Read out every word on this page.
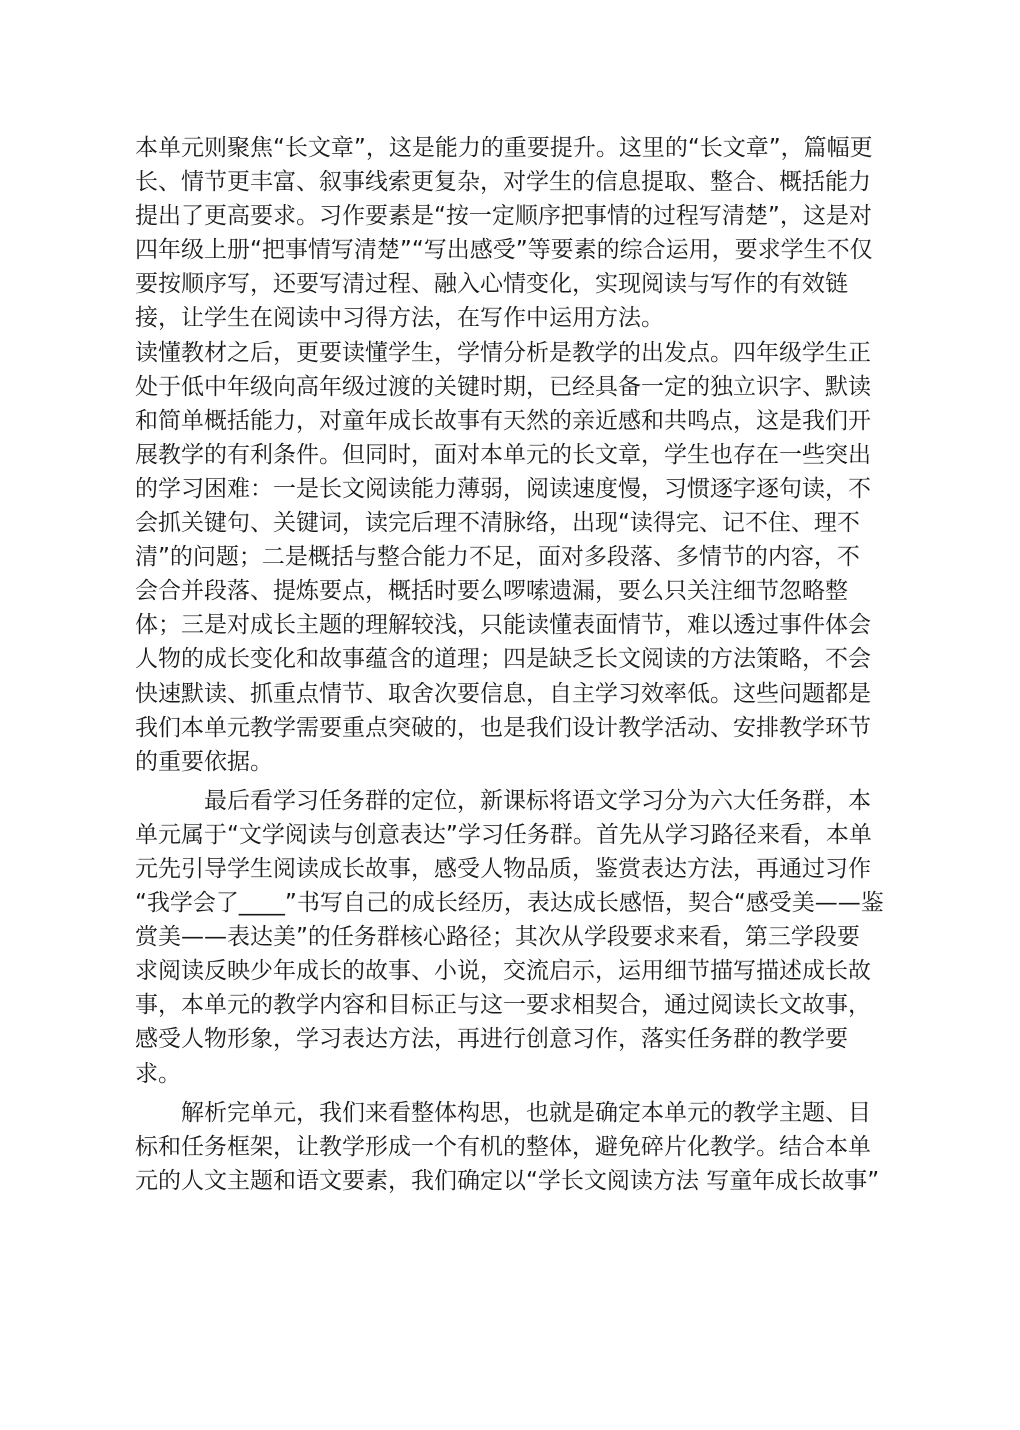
本单元则聚焦“长文章”，这是能力的重要提升。这里的“长文章”，篇幅更
长、情节更丰富、叙事线索更复杂，对学生的信息提取、整合、概括能力
提出了更高要求。习作要素是“按一定顺序把事情的过程写清楚”，这是对
四年级上册“把事情写清楚”“写出感受”等要素的综合运用，要求学生不仅
要按顺序写，还要写清过程、融入心情变化，实现阅读与写作的有效链
接，让学生在阅读中习得方法，在写作中运用方法。
读懂教材之后，更要读懂学生，学情分析是教学的出发点。四年级学生正
处于低中年级向高年级过渡的关键时期，已经具备一定的独立识字、默读
和简单概括能力，对童年成长故事有天然的亲近感和共鸣点，这是我们开
展教学的有利条件。但同时，面对本单元的长文章，学生也存在一些突出
的学习困难：一是长文阅读能力薄弱，阅读速度慢，习惯逐字逐句读，不
会抓关键句、关键词，读完后理不清脉络，出现“读得完、记不住、理不
清”的问题；二是概括与整合能力不足，面对多段落、多情节的内容，不
会合并段落、提炼要点，概括时要么啰嗦遗漏，要么只关注细节忽略整
体；三是对成长主题的理解较浅，只能读懂表面情节，难以透过事件体会
人物的成长变化和故事蕴含的道理；四是缺乏长文阅读的方法策略，不会
快速默读、抓重点情节、取舍次要信息，自主学习效率低。这些问题都是
我们本单元教学需要重点突破的，也是我们设计教学活动、安排教学环节
的重要依据。
最后看学习任务群的定位，新课标将语文学习分为六大任务群，本
单元属于“文学阅读与创意表达”学习任务群。首先从学习路径来看，本单
元先引导学生阅读成长故事，感受人物品质，鉴赏表达方法，再通过习作
“我学会了____”书写自己的成长经历，表达成长感悟，契合“感受美——鉴
赏美——表达美”的任务群核心路径；其次从学段要求来看，第三学段要
求阅读反映少年成长的故事、小说，交流启示，运用细节描写描述成长故
事，本单元的教学内容和目标正与这一要求相契合，通过阅读长文故事，
感受人物形象，学习表达方法，再进行创意习作，落实任务群的教学要
求。
解析完单元，我们来看整体构思，也就是确定本单元的教学主题、目
标和任务框架，让教学形成一个有机的整体，避免碎片化教学。结合本单
元的人文主题和语文要素，我们确定以“学长文阅读方法 写童年成长故事”
